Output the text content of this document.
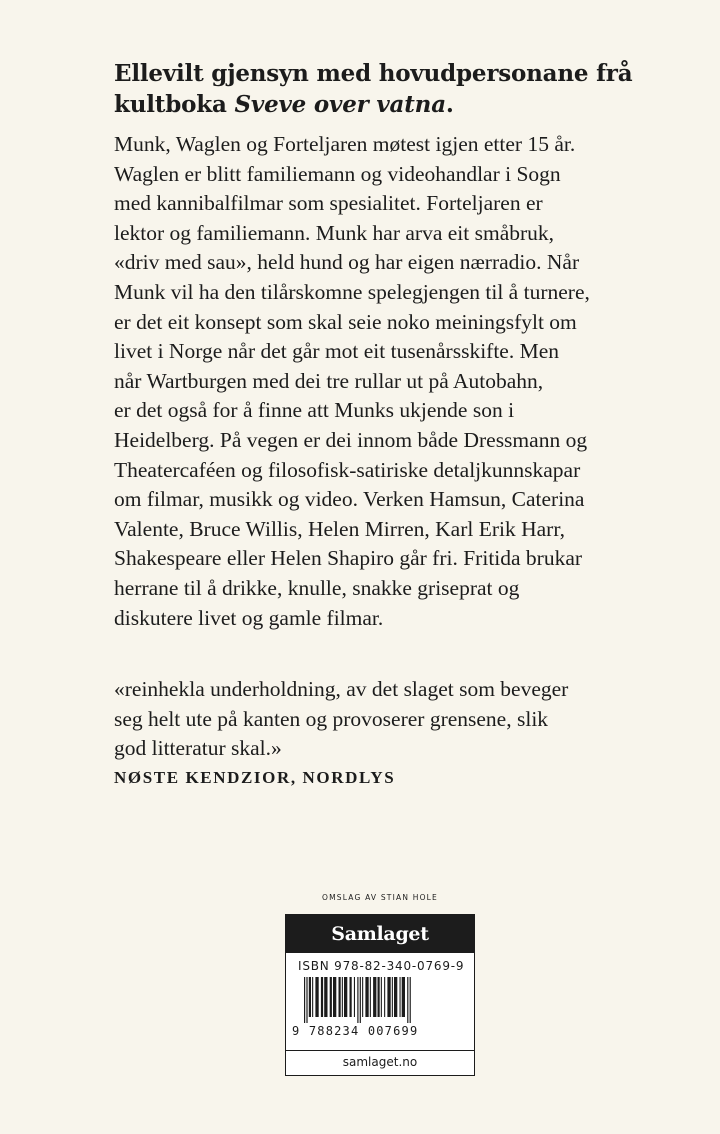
Ellevilt gjensyn med hovudpersonane frå kultboka Sveve over vatna.

Munk, Waglen og Forteljaren møtest igjen etter 15 år.
Waglen er blitt familiemann og videohandlar i Sogn
med kannibalfilmar som spesialitet. Forteljaren er
lektor og familiemann. Munk har arva eit småbruk,
«driv med sau», held hund og har eigen nærradio. Når
Munk vil ha den tilårskomne spelegjengen til å turnere,
er det eit konsept som skal seie noko meiningsfylt om
livet i Norge når det går mot eit tusenårsskifte. Men
når Wartburgen med dei tre rullar ut på Autobahn,
er det også for å finne att Munks ukjende son i
Heidelberg. På vegen er dei innom både Dressmann og
Theatercaféen og filosofisk-satiriske detaljkunnskapar
om filmar, musikk og video. Verken Hamsun, Caterina
Valente, Bruce Willis, Helen Mirren, Karl Erik Harr,
Shakespeare eller Helen Shapiro går fri. Fritida brukar
herrane til å drikke, knulle, snakke griseprat og
diskutere livet og gamle filmar.
«reinhekla underholdning, av det slaget som beveger
seg helt ute på kanten og provoserer grensene, slik
god litteratur skal.»
NØSTE KENDZIOR, NORDLYS
OMSLAG AV STIAN HOLE
Samlaget
ISBN 978-82-340-0769-9
9 788234 007699
samlaget.no
